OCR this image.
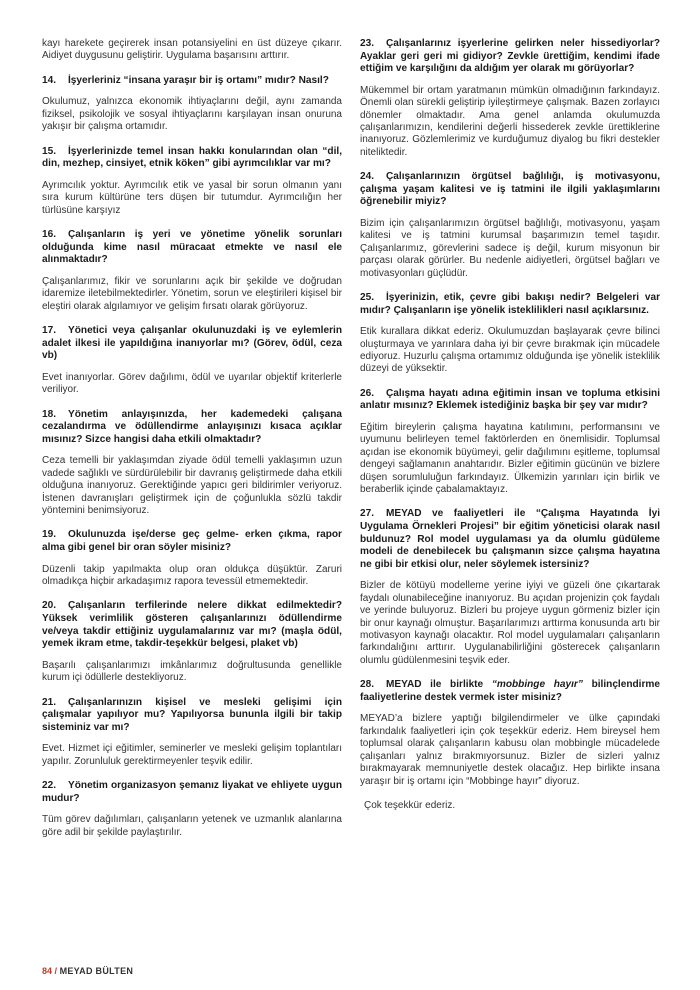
kayı harekete geçirerek insan potansiyelini en üst düzeye çıkarır. Aidiyet duygusunu geliştirir. Uygulama başarısını arttırır.
14. İşyerleriniz “insana yaraşır bir iş ortamı” mıdır? Nasıl?
Okulumuz, yalnızca ekonomik ihtiyaçlarını değil, aynı zamanda fiziksel, psikolojik ve sosyal ihtiyaçlarını karşılayan insan onuruna yakışır bir çalışma ortamıdır.
15. İşyerlerinizde temel insan hakkı konularından olan “dil, din, mezhep, cinsiyet, etnik köken” gibi ayrımcılıklar var mı?
Ayrımcılık yoktur. Ayrımcılık etik ve yasal bir sorun olmanın yanı sıra kurum kültürüne ters düşen bir tutumdur. Ayrımcılığın her türlüsüne karşıyız
16. Çalışanların iş yeri ve yönetime yönelik sorunları olduğunda kime nasıl müracaat etmekte ve nasıl ele alınmaktadır?
Çalışanlarımız, fikir ve sorunlarını açık bir şekilde ve doğrudan idaremize iletebilmektedirler. Yönetim, sorun ve eleştirileri kişisel bir eleştiri olarak algılamıyor ve gelişim fırsatı olarak görüyoruz.
17. Yönetici veya çalışanlar okulunuzdaki iş ve eylemlerin adalet ilkesi ile yapıldığına inanıyorlar mı? (Görev, ödül, ceza vb)
Evet inanıyorlar. Görev dağılımı, ödül ve uyarılar objektif kriterlerle veriliyor.
18. Yönetim anlayışınızda, her kademedeki çalışana cezalandırma ve ödüllendirme anlayışınızı kısaca açıklar mısınız? Sizce hangisi daha etkili olmaktadır?
Ceza temelli bir yaklaşımdan ziyade ödül temelli yaklaşımın uzun vadede sağlıklı ve sürdürülebilir bir davranış geliştirmede daha etkili olduğuna inanıyoruz. Gerektiğinde yapıcı geri bildirimler veriyoruz. İstenen davranışları geliştirmek için de çoğunlukla sözlü takdir yöntemini benimsiyoruz.
19. Okulunuzda işe/derse geç gelme- erken çıkma, rapor alma gibi genel bir oran söyler misiniz?
Düzenli takip yapılmakta olup oran oldukça düşüktür. Zaruri olmadıkça hiçbir arkadaşımız rapora tevessül etmemektedir.
20. Çalışanların terfilerinde nelere dikkat edilmektedir? Yüksek verimlilik gösteren çalışanlarınızı ödüllendirme ve/veya takdir ettiğiniz uygulamalarınız var mı? (maşla ödül, yemek ikram etme, takdir-teşekkür belgesi, plaket vb)
Başarılı çalışanlarımızı imkânlarımız doğrultusunda genellikle kurum içi ödüllerle destekliyoruz.
21. Çalışanlarınızın kişisel ve mesleki gelişimi için çalışmalar yapılıyor mu? Yapılıyorsa bununla ilgili bir takip sisteminiz var mı?
Evet. Hizmet içi eğitimler, seminerler ve mesleki gelişim toplantıları yapılır. Zorunluluk gerektirmeyenler teşvik edilir.
22. Yönetim organizasyon şemanız liyakat ve ehliyete uygun mudur?
Tüm görev dağılımları, çalışanların yetenek ve uzmanlık alanlarına göre adil bir şekilde paylaştırılır.
23. Çalışanlarınız işyerlerine gelirken neler hissediyorlar? Ayaklar geri geri mi gidiyor? Zevkle ürettiğim, kendimi ifade ettiğim ve karşılığını da aldığım yer olarak mı görüyorlar?
Mükemmel bir ortam yaratmanın mümkün olmadığının farkındayız. Önemli olan sürekli geliştirip iyileştirmeye çalışmak. Bazen zorlayıcı dönemler olmaktadır. Ama genel anlamda okulumuzda çalışanlarımızın, kendilerini değerli hissederek zevkle ürettiklerine inanıyoruz. Gözlemlerimiz ve kurduğumuz diyalog bu fikri destekler niteliktedir.
24. Çalışanlarınızın örgütsel bağlılığı, iş motivasyonu, çalışma yaşam kalitesi ve iş tatmini ile ilgili yaklaşımlarını öğrenebilir miyiz?
Bizim için çalışanlarımızın örgütsel bağlılığı, motivasyonu, yaşam kalitesi ve iş tatmini kurumsal başarımızın temel taşıdır. Çalışanlarımız, görevlerini sadece iş değil, kurum misyonun bir parçası olarak görürler. Bu nedenle aidiyetleri, örgütsel bağları ve motivasyonları güçlüdür.
25. İşyerinizin, etik, çevre gibi bakışı nedir? Belgeleri var mıdır? Çalışanların işe yönelik isteklilikleri nasıl açıklarsınız.
Etik kurallara dikkat ederiz. Okulumuzdan başlayarak çevre bilinci oluşturmaya ve yarınlara daha iyi bir çevre bırakmak için mücadele ediyoruz. Huzurlu çalışma ortamımız olduğunda işe yönelik isteklilik düzeyi de yüksektir.
26. Çalışma hayatı adına eğitimin insan ve topluma etkisini anlatır mısınız? Eklemek istediğiniz başka bir şey var mıdır?
Eğitim bireylerin çalışma hayatına katılımını, performansını ve uyumunu belirleyen temel faktörlerden en önemlisidir. Toplumsal açıdan ise ekonomik büyümeyi, gelir dağılımını eşitleme, toplumsal dengeyi sağlamanın anahtarıdır. Bizler eğitimin gücünün ve bizlere düşen sorumluluğun farkındayız. Ülkemizin yarınları için birlik ve beraberlik içinde çabalamaktayız.
27. MEYAD ve faaliyetleri ile “Çalışma Hayatında İyi Uygulama Örnekleri Projesi” bir eğitim yöneticisi olarak nasıl buldunuz? Rol model uygulaması ya da olumlu güdüleme modeli de denebilecek bu çalışmanın sizce çalışma hayatına ne gibi bir etkisi olur, neler söylemek istersiniz?
Bizler de kötüyü modelleme yerine iyiyi ve güzeli öne çıkartarak faydalı olunabileceğine inanıyoruz. Bu açıdan projenizin çok faydalı ve yerinde buluyoruz. Bizleri bu projeye uygun görmeniz bizler için bir onur kaynağı olmuştur. Başarılarımızı arttırma konusunda artı bir motivasyon kaynağı olacaktır. Rol model uygulamaları çalışanların farkındalığını arttırır. Uygulanabilirliğini gösterecek çalışanların olumlu güdülenmesini teşvik eder.
28. MEYAD ile birlikte “mobbinge hayır” bilinçlendirme faaliyetlerine destek vermek ister misiniz?
MEYAD’a bizlere yaptığı bilgilendirmeler ve ülke çapındaki farkındalık faaliyetleri için çok teşekkür ederiz. Hem bireysel hem toplumsal olarak çalışanların kabusu olan mobbingle mücadelede çalışanları yalnız bırakmıyorsunuz. Bizler de sizleri yalnız bırakmayarak memnuniyetle destek olacağız. Hep birlikte insana yaraşır bir iş ortamı için “Mobbinge hayır” diyoruz.
Çok teşekkür ederiz.
84 / MEYAD BÜLTEN
